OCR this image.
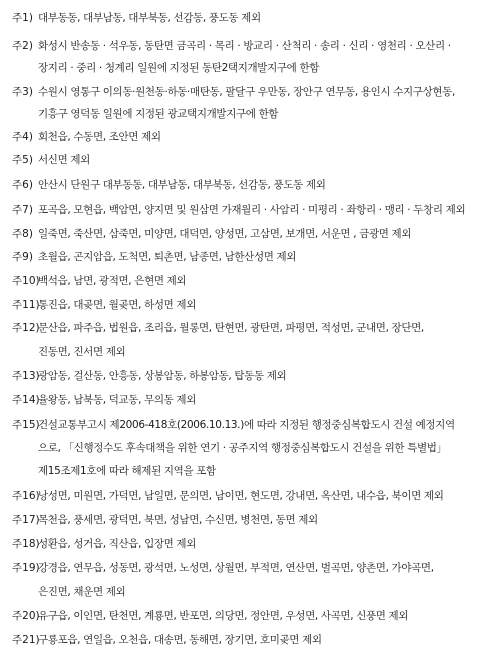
주1) 대부동동, 대부남동, 대부북동, 선감동, 풍도동 제외
주2) 화성시 반송동 · 석우동, 동탄면 금곡리 · 목리 · 방교리 · 산척리 · 송리 · 신리 · 영천리 · 오산리 ·
장지리 · 중리 · 청계리 일원에 지정된 동탄2택지개발지구에 한함
주3) 수원시 영통구 이의동·원천동·하동·매탄동, 팔달구 우만동, 장안구 연무동, 용인시 수지구상현동,
기흥구 영덕동 일원에 지정된 광교택지개발지구에 한함
주4) 회천읍, 수동면, 조안면 제외
주5) 서신면 제외
주6) 안산시 단원구 대부동동, 대부남동, 대부북동, 선감동, 풍도동 제외
주7) 포곡읍, 모현읍, 백암면, 양지면 및 원삼면 가재월리 · 사암리 · 미평리 · 좌항리 · 맹리 · 두창리 제외
주8) 일죽면, 죽산면, 삼죽면, 미양면, 대덕면, 양성면, 고삼면, 보개면, 서운면 , 금광면 제외
주9) 초월읍, 곤지암읍, 도척면, 퇴촌면, 남종면, 남한산성면 제외
주10)
백석읍, 남면, 광적면, 은현면 제외
주11)
통진읍, 대곶면, 월곶면, 하성면 제외
주12)
문산읍, 파주읍, 법원읍, 조리읍, 월롱면, 탄현면, 광탄면, 파평면, 적성면, 군내면, 장단면,
진동면, 진서면 제외
주13)
광암동, 걸산동, 안흥동, 상봉암동, 하봉암동, 탑동동 제외
주14)
율왕동, 남북동, 덕교동, 무의동 제외
주15)
건설교통부고시 제2006-418호(2006.10.13.)에 따라 지정된 행정중심복합도시 건설 예정지역
으로, 「신행정수도 후속대책을 위한 연기 · 공주지역 행정중심복합도시 건설을 위한 특별법」
제15조제1호에 따라 해제된 지역을 포함
주16)
낭성면, 미원면, 가덕면, 남일면, 문의면, 남이면, 현도면, 강내면, 옥산면, 내수읍, 북이면 제외
주17)
목천읍, 풍세면, 광덕면, 북면, 성남면, 수신면, 병천면, 동면 제외
주18)
성환읍, 성거읍, 직산읍, 입장면 제외
주19)
강경읍, 연무읍, 성동면, 광석면, 노성면, 상월면, 부적면, 연산면, 벌곡면, 양촌면, 가야곡면,
은진면, 채운면 제외
주20)
유구읍, 이인면, 탄천면, 계룡면, 반포면, 의당면, 정안면, 우성면, 사곡면, 신풍면 제외
주21)
구룡포읍, 연일읍, 오천읍, 대송면, 동해면, 장기면, 호미곶면 제외
